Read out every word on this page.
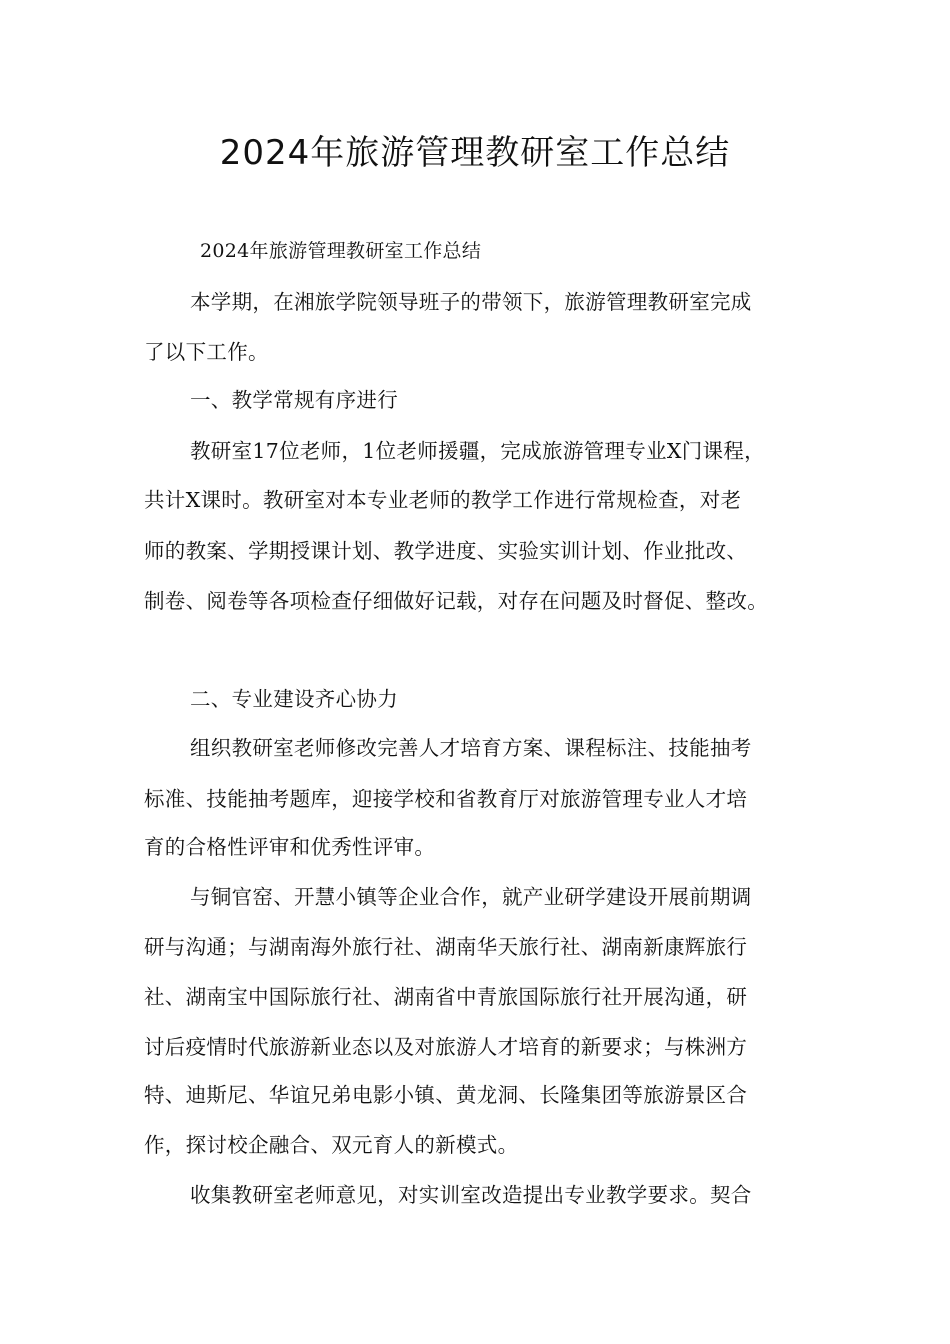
2024年旅游管理教研室工作总结
2024年旅游管理教研室工作总结
本学期，在湘旅学院领导班子的带领下，旅游管理教研室完成
了以下工作。
一、教学常规有序进行
教研室17位老师，1位老师援疆，完成旅游管理专业X门课程，
共计X课时。教研室对本专业老师的教学工作进行常规检查，对老
师的教案、学期授课计划、教学进度、实验实训计划、作业批改、
制卷、阅卷等各项检查仔细做好记载，对存在问题及时督促、整改。
二、专业建设齐心协力
组织教研室老师修改完善人才培育方案、课程标注、技能抽考
标准、技能抽考题库，迎接学校和省教育厅对旅游管理专业人才培
育的合格性评审和优秀性评审。
与铜官窑、开慧小镇等企业合作，就产业研学建设开展前期调
研与沟通；与湖南海外旅行社、湖南华天旅行社、湖南新康辉旅行
社、湖南宝中国际旅行社、湖南省中青旅国际旅行社开展沟通，研
讨后疫情时代旅游新业态以及对旅游人才培育的新要求；与株洲方
特、迪斯尼、华谊兄弟电影小镇、黄龙洞、长隆集团等旅游景区合
作，探讨校企融合、双元育人的新模式。
收集教研室老师意见，对实训室改造提出专业教学要求。契合
